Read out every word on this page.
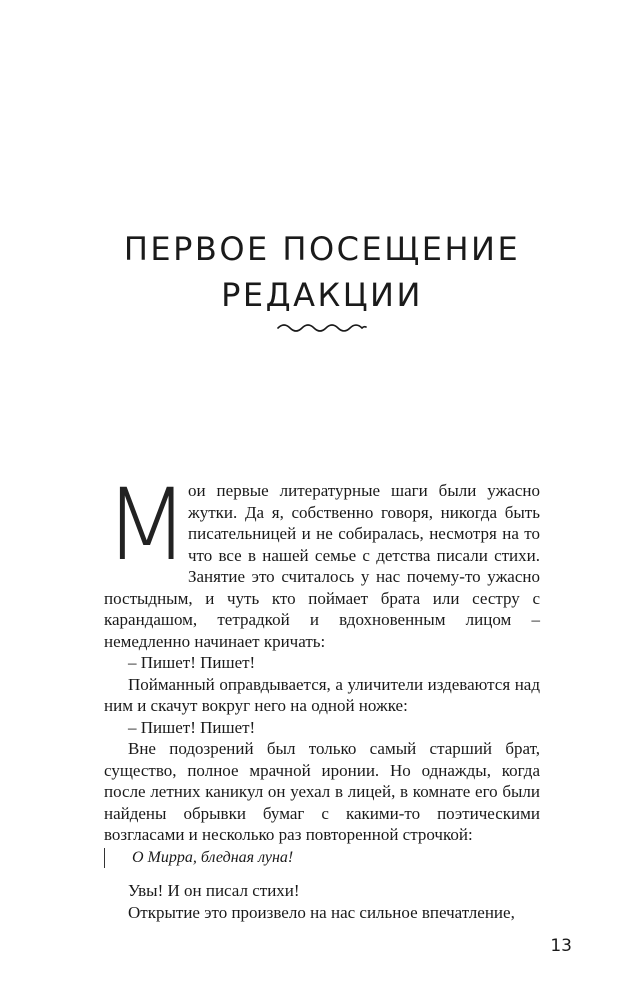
ПЕРВОЕ ПОСЕЩЕНИЕ
РЕДАКЦИИ

М
ои первые литературные шаги были ужасно жутки. Да я, собственно говоря, никогда быть писательницей и не собиралась, несмотря на то что все в нашей семье с детства писали стихи. Занятие это считалось у нас почему-то ужасно постыдным, и чуть кто поймает брата или сестру с карандашом, тетрадкой и вдохновенным лицом – немедленно начинает кричать:

– Пишет! Пишет!

Пойманный оправдывается, а уличители издеваются над ним и скачут вокруг него на одной ножке:

– Пишет! Пишет!

Вне подозрений был только самый старший брат, существо, полное мрачной иронии. Но однажды, когда после летних каникул он уехал в лицей, в комнате его были найдены обрывки бумаг с какими-то поэтическими возгласами и несколько раз повторенной строчкой:

О Мирра, бледная луна!

Увы! И он писал стихи!

Открытие это произвело на нас сильное впечатление,

13
